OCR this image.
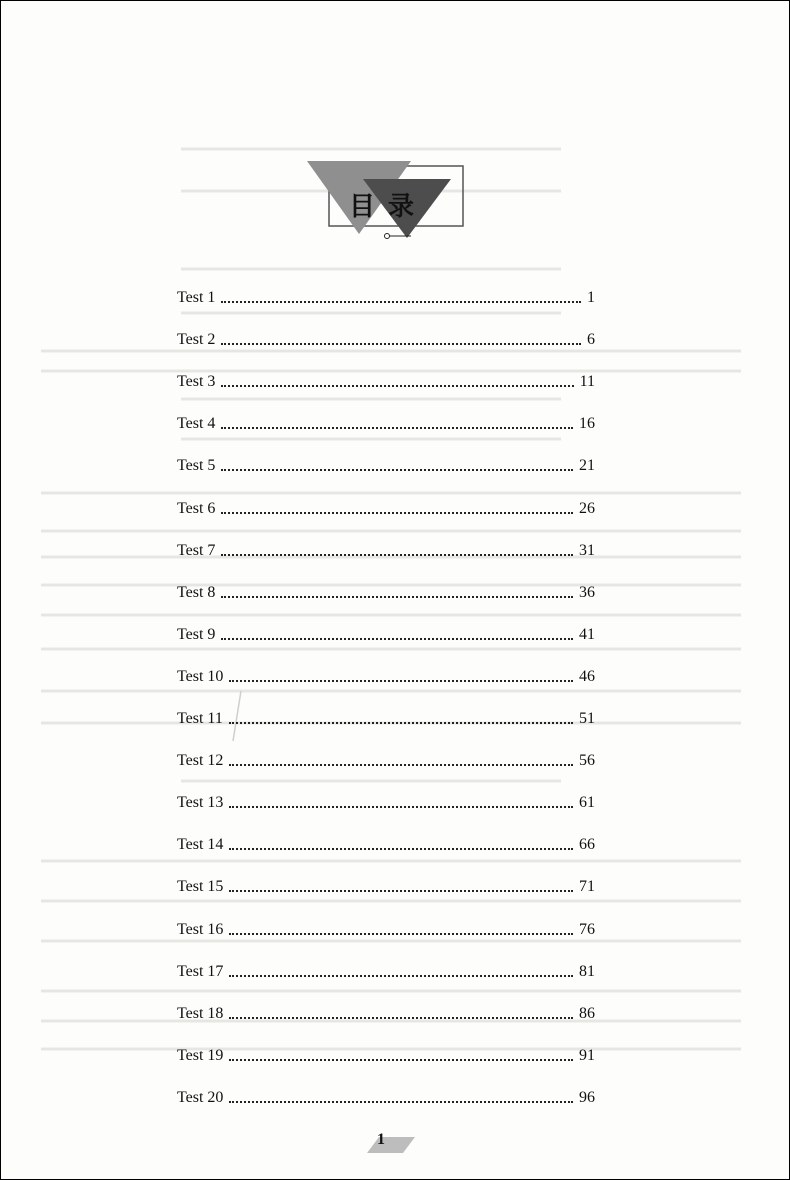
目 录
Test 1	1
Test 2	6
Test 3	11
Test 4	16
Test 5	21
Test 6	26
Test 7	31
Test 8	36
Test 9	41
Test 10	46
Test 11	51
Test 12	56
Test 13	61
Test 14	66
Test 15	71
Test 16	76
Test 17	81
Test 18	86
Test 19	91
Test 20	96
1
